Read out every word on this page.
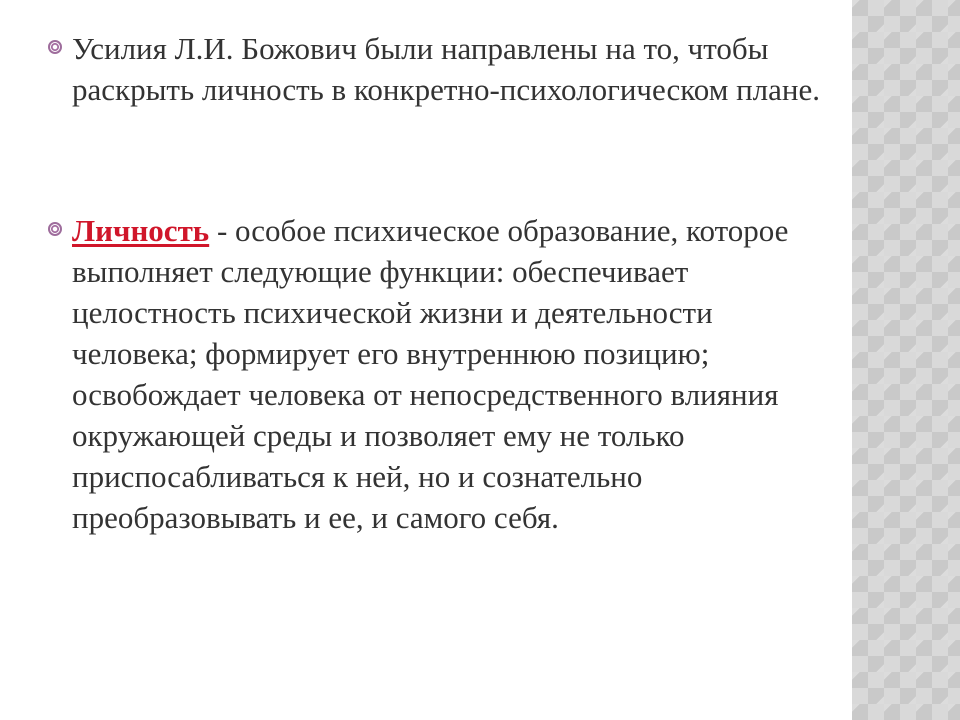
Усилия Л.И. Божович были направлены на то, чтобы раскрыть личность в конкретно-психологическом плане.
Личность - особое психическое образование, которое выполняет следующие функции: обеспечивает целостность психической жизни и деятельности человека; формирует его внутреннюю позицию; освобождает человека от непосредственного влияния окружающей среды и позволяет ему не только приспосабливаться к ней, но и сознательно преобразовывать и ее, и самого себя.
